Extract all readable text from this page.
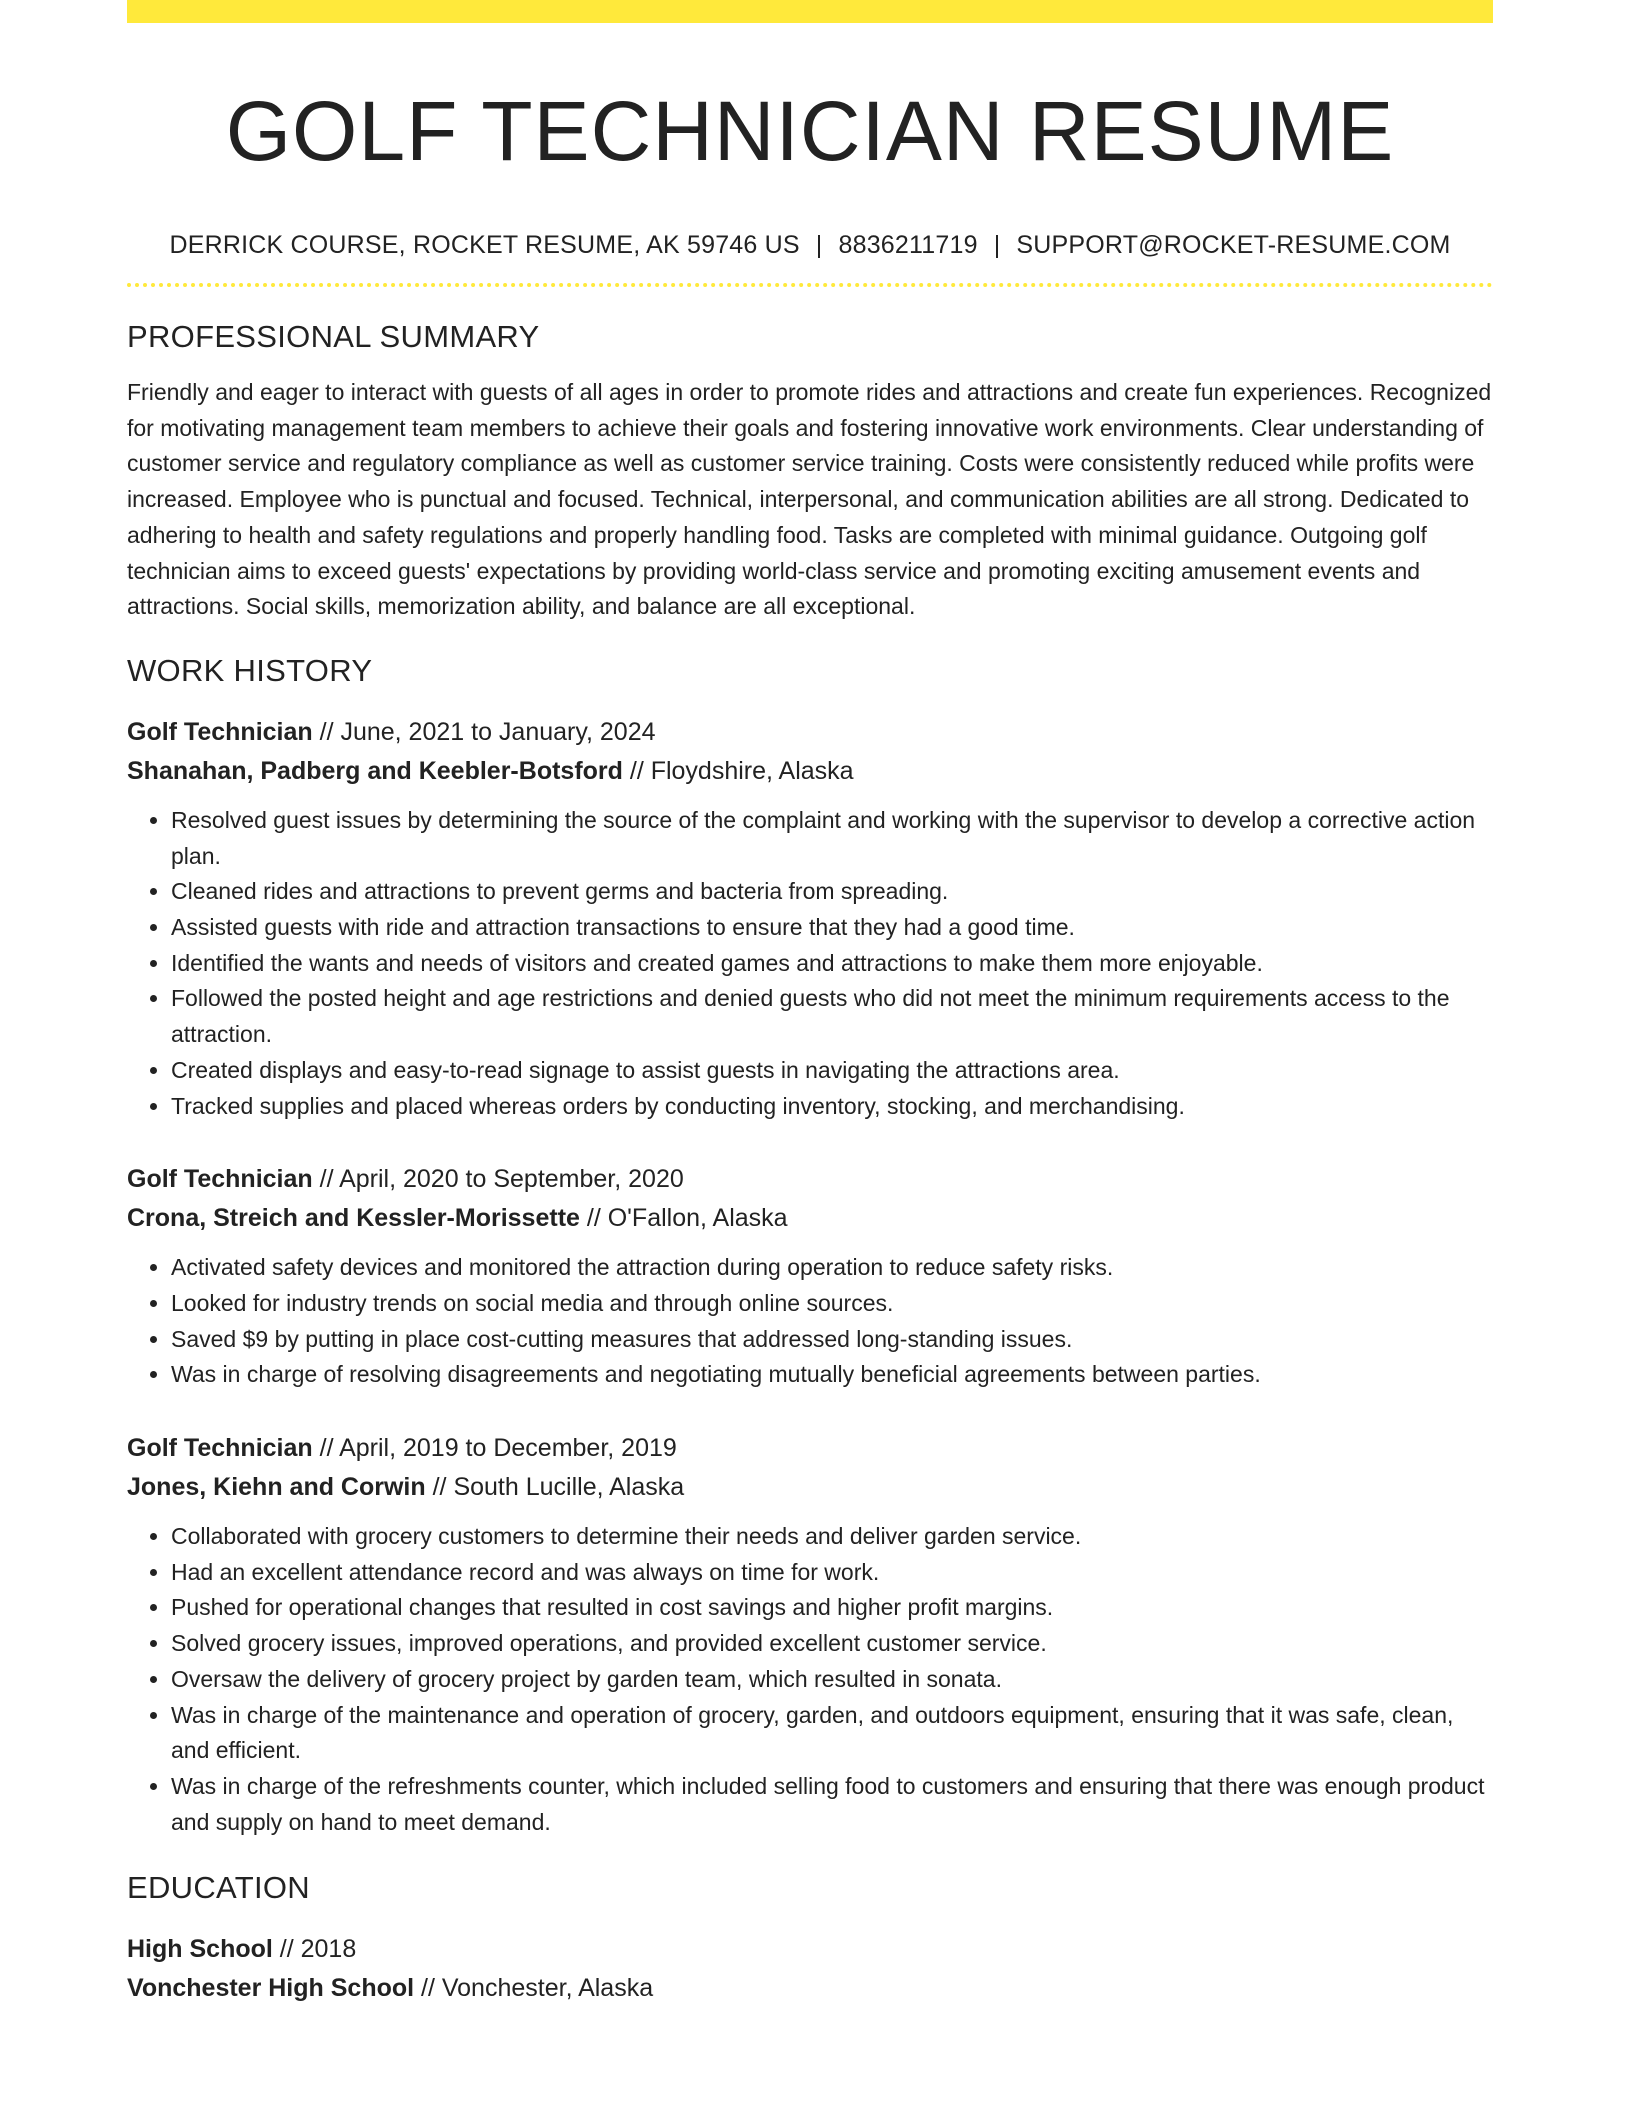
GOLF TECHNICIAN RESUME
DERRICK COURSE, ROCKET RESUME, AK 59746 US | 8836211719 | SUPPORT@ROCKET-RESUME.COM
PROFESSIONAL SUMMARY

Friendly and eager to interact with guests of all ages in order to promote rides and attractions and create fun experiences. Recognized for motivating management team members to achieve their goals and fostering innovative work environments. Clear understanding of customer service and regulatory compliance as well as customer service training. Costs were consistently reduced while profits were increased. Employee who is punctual and focused. Technical, interpersonal, and communication abilities are all strong. Dedicated to adhering to health and safety regulations and properly handling food. Tasks are completed with minimal guidance. Outgoing golf technician aims to exceed guests' expectations by providing world-class service and promoting exciting amusement events and attractions. Social skills, memorization ability, and balance are all exceptional.

WORK HISTORY
Golf Technician // June, 2021 to January, 2024
Shanahan, Padberg and Keebler-Botsford // Floydshire, Alaska
• Resolved guest issues by determining the source of the complaint and working with the supervisor to develop a corrective action plan.
• Cleaned rides and attractions to prevent germs and bacteria from spreading.
• Assisted guests with ride and attraction transactions to ensure that they had a good time.
• Identified the wants and needs of visitors and created games and attractions to make them more enjoyable.
• Followed the posted height and age restrictions and denied guests who did not meet the minimum requirements access to the attraction.
• Created displays and easy-to-read signage to assist guests in navigating the attractions area.
• Tracked supplies and placed whereas orders by conducting inventory, stocking, and merchandising.
Golf Technician // April, 2020 to September, 2020
Crona, Streich and Kessler-Morissette // O'Fallon, Alaska
• Activated safety devices and monitored the attraction during operation to reduce safety risks.
• Looked for industry trends on social media and through online sources.
• Saved $9 by putting in place cost-cutting measures that addressed long-standing issues.
• Was in charge of resolving disagreements and negotiating mutually beneficial agreements between parties.
Golf Technician // April, 2019 to December, 2019
Jones, Kiehn and Corwin // South Lucille, Alaska
• Collaborated with grocery customers to determine their needs and deliver garden service.
• Had an excellent attendance record and was always on time for work.
• Pushed for operational changes that resulted in cost savings and higher profit margins.
• Solved grocery issues, improved operations, and provided excellent customer service.
• Oversaw the delivery of grocery project by garden team, which resulted in sonata.
• Was in charge of the maintenance and operation of grocery, garden, and outdoors equipment, ensuring that it was safe, clean, and efficient.
• Was in charge of the refreshments counter, which included selling food to customers and ensuring that there was enough product and supply on hand to meet demand.
EDUCATION
High School // 2018
Vonchester High School // Vonchester, Alaska
